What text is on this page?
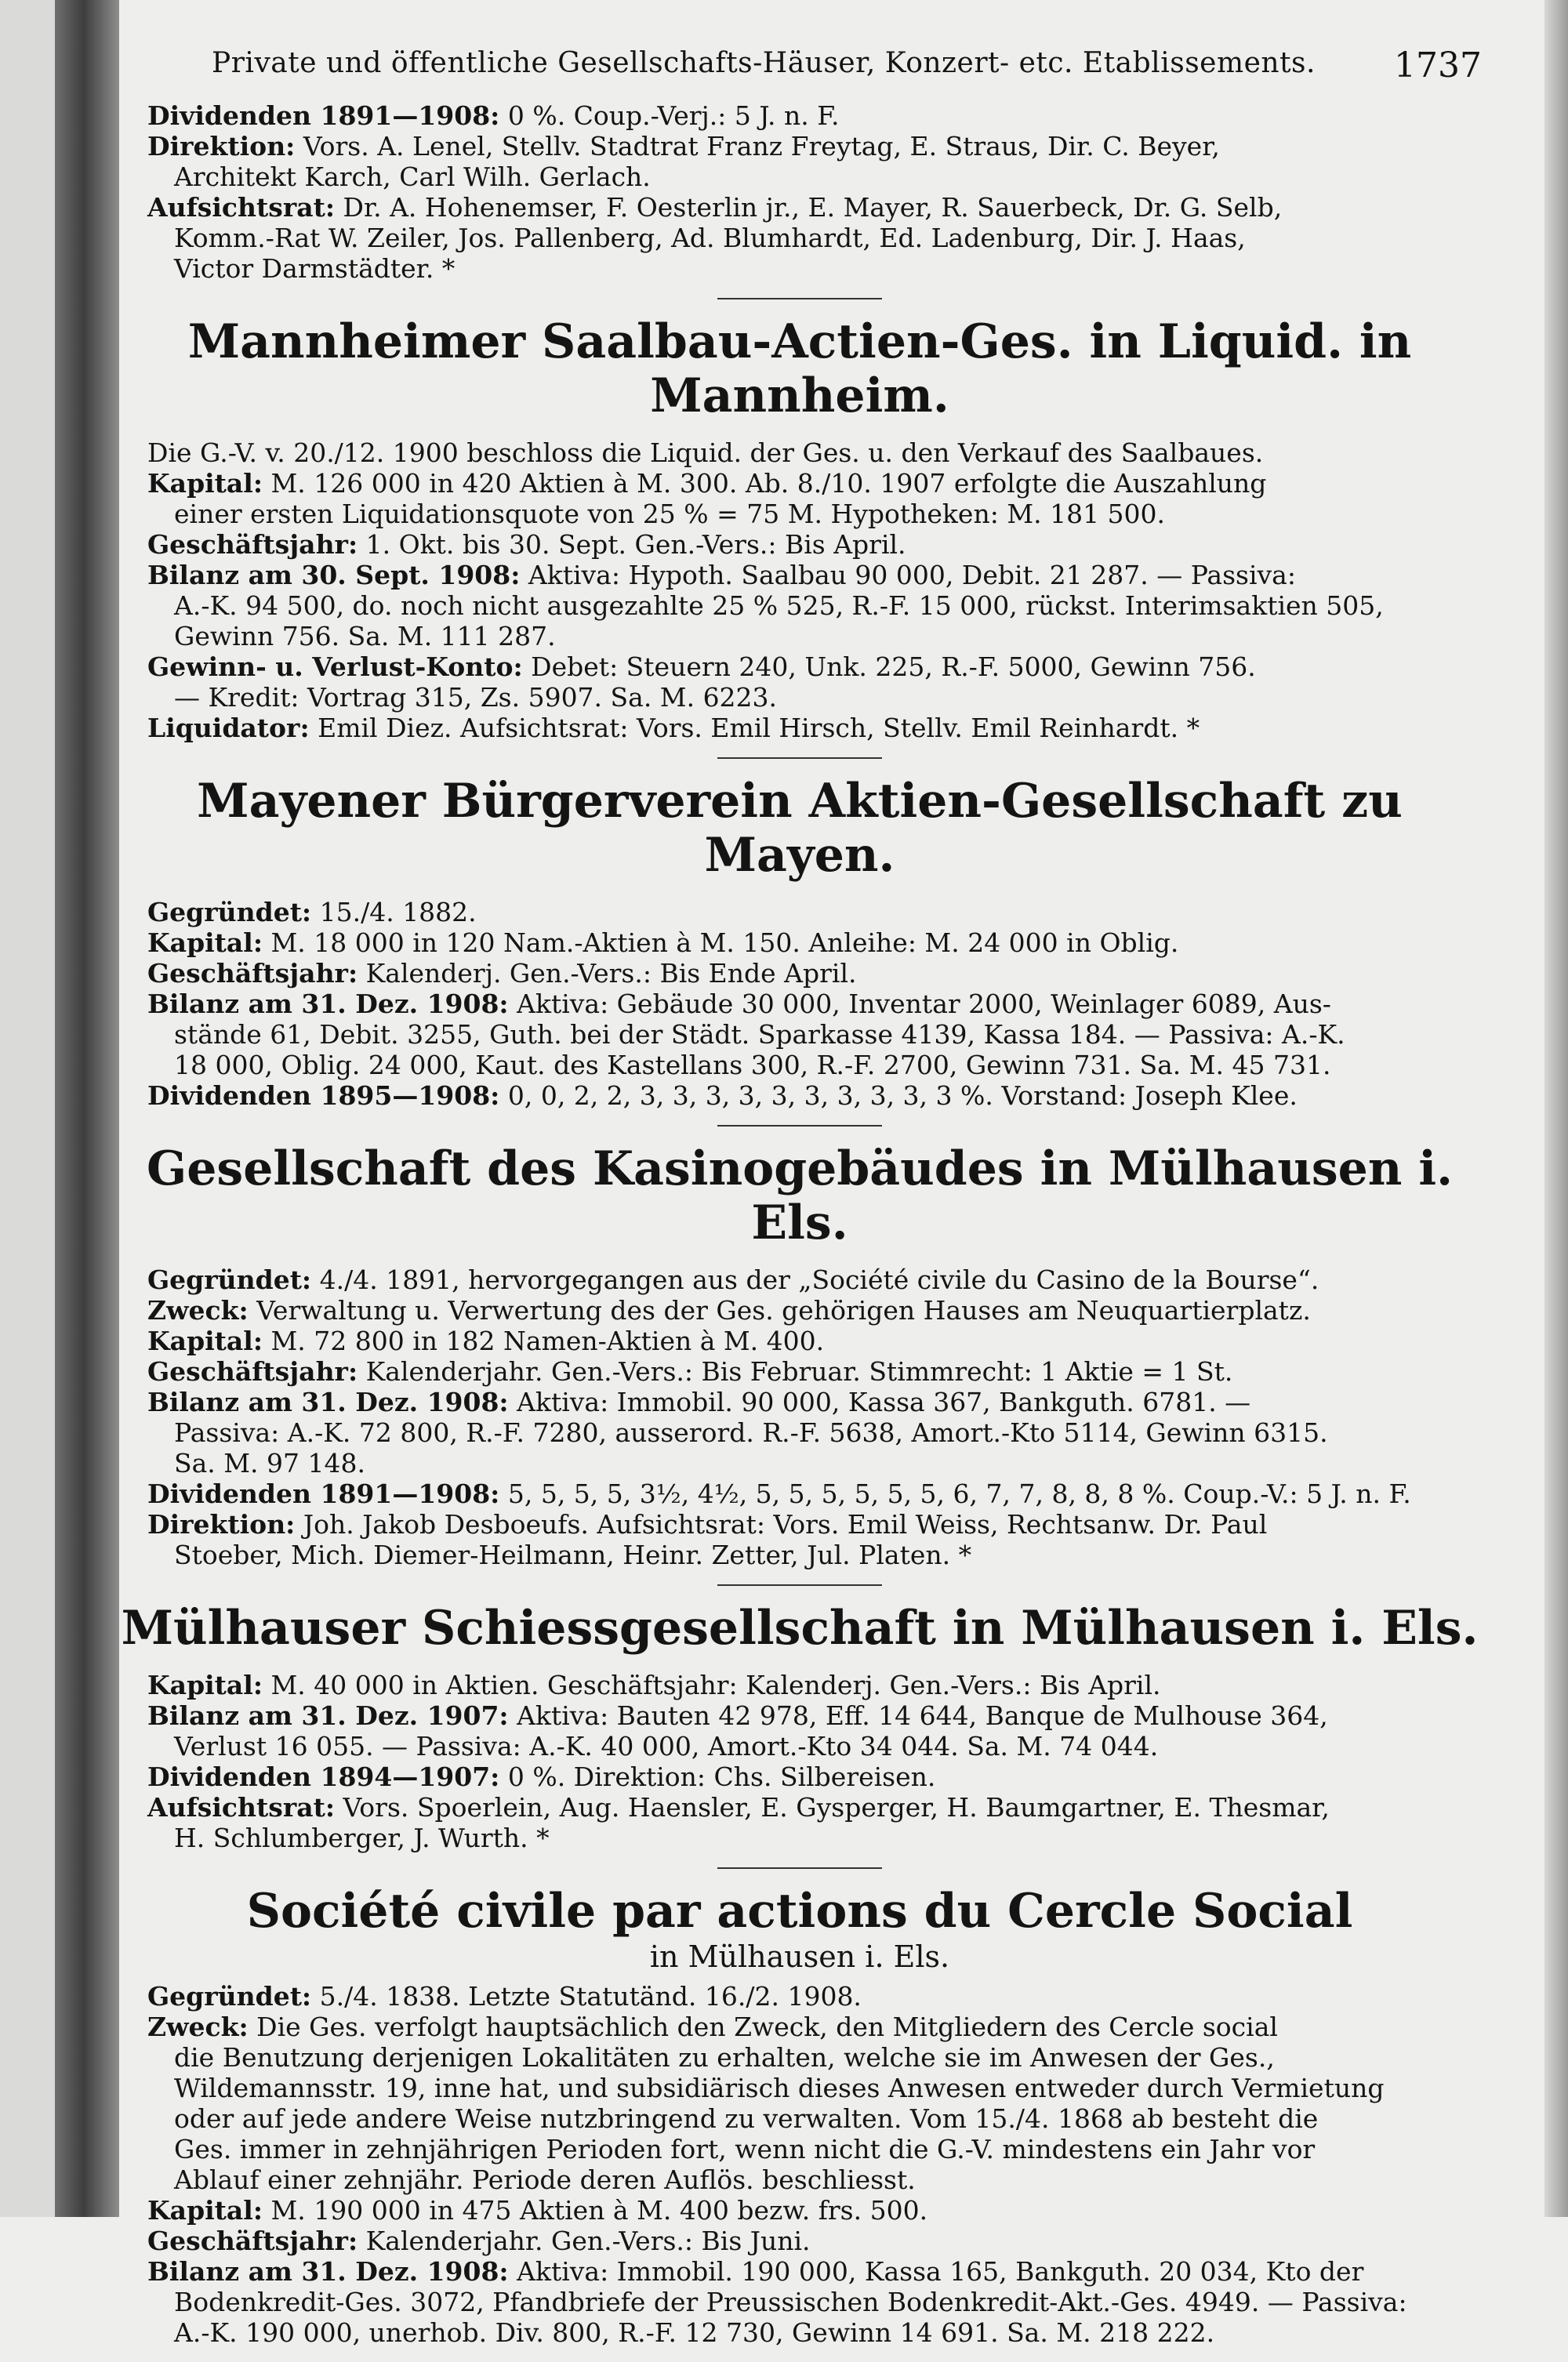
Private und öffentliche Gesellschafts-Häuser, Konzert- etc. Etablissements. 1737
Dividenden 1891—1908: 0 %. Coup.-Verj.: 5 J. n. F.
Direktion: Vors. A. Lenel, Stellv. Stadtrat Franz Freytag, E. Straus, Dir. C. Beyer,
Architekt Karch, Carl Wilh. Gerlach.
Aufsichtsrat: Dr. A. Hohenemser, F. Oesterlin jr., E. Mayer, R. Sauerbeck, Dr. G. Selb,
Komm.-Rat W. Zeiler, Jos. Pallenberg, Ad. Blumhardt, Ed. Ladenburg, Dir. J. Haas,
Victor Darmstädter. *
Mannheimer Saalbau-Actien-Ges. in Liquid. in Mannheim.
Die G.-V. v. 20./12. 1900 beschloss die Liquid. der Ges. u. den Verkauf des Saalbaues.
Kapital: M. 126 000 in 420 Aktien à M. 300. Ab. 8./10. 1907 erfolgte die Auszahlung
einer ersten Liquidationsquote von 25 % = 75 M. Hypotheken: M. 181 500.
Geschäftsjahr: 1. Okt. bis 30. Sept. Gen.-Vers.: Bis April.
Bilanz am 30. Sept. 1908: Aktiva: Hypoth. Saalbau 90 000, Debit. 21 287. — Passiva:
A.-K. 94 500, do. noch nicht ausgezahlte 25 % 525, R.-F. 15 000, rückst. Interimsaktien 505,
Gewinn 756. Sa. M. 111 287.
Gewinn- u. Verlust-Konto: Debet: Steuern 240, Unk. 225, R.-F. 5000, Gewinn 756.
— Kredit: Vortrag 315, Zs. 5907. Sa. M. 6223.
Liquidator: Emil Diez. Aufsichtsrat: Vors. Emil Hirsch, Stellv. Emil Reinhardt. *
Mayener Bürgerverein Aktien-Gesellschaft zu Mayen.
Gegründet: 15./4. 1882.
Kapital: M. 18 000 in 120 Nam.-Aktien à M. 150. Anleihe: M. 24 000 in Oblig.
Geschäftsjahr: Kalenderj. Gen.-Vers.: Bis Ende April.
Bilanz am 31. Dez. 1908: Aktiva: Gebäude 30 000, Inventar 2000, Weinlager 6089, Aus-
stände 61, Debit. 3255, Guth. bei der Städt. Sparkasse 4139, Kassa 184. — Passiva: A.-K.
18 000, Oblig. 24 000, Kaut. des Kastellans 300, R.-F. 2700, Gewinn 731. Sa. M. 45 731.
Dividenden 1895—1908: 0, 0, 2, 2, 3, 3, 3, 3, 3, 3, 3, 3, 3, 3 %. Vorstand: Joseph Klee.
Gesellschaft des Kasinogebäudes in Mülhausen i. Els.
Gegründet: 4./4. 1891, hervorgegangen aus der „Société civile du Casino de la Bourse“.
Zweck: Verwaltung u. Verwertung des der Ges. gehörigen Hauses am Neuquartierplatz.
Kapital: M. 72 800 in 182 Namen-Aktien à M. 400.
Geschäftsjahr: Kalenderjahr. Gen.-Vers.: Bis Februar. Stimmrecht: 1 Aktie = 1 St.
Bilanz am 31. Dez. 1908: Aktiva: Immobil. 90 000, Kassa 367, Bankguth. 6781. —
Passiva: A.-K. 72 800, R.-F. 7280, ausserord. R.-F. 5638, Amort.-Kto 5114, Gewinn 6315.
Sa. M. 97 148.
Dividenden 1891—1908: 5, 5, 5, 5, 3½, 4½, 5, 5, 5, 5, 5, 5, 6, 7, 7, 8, 8, 8 %. Coup.-V.: 5 J. n. F.
Direktion: Joh. Jakob Desboeufs. Aufsichtsrat: Vors. Emil Weiss, Rechtsanw. Dr. Paul
Stoeber, Mich. Diemer-Heilmann, Heinr. Zetter, Jul. Platen. *
Mülhauser Schiessgesellschaft in Mülhausen i. Els.
Kapital: M. 40 000 in Aktien. Geschäftsjahr: Kalenderj. Gen.-Vers.: Bis April.
Bilanz am 31. Dez. 1907: Aktiva: Bauten 42 978, Eff. 14 644, Banque de Mulhouse 364,
Verlust 16 055. — Passiva: A.-K. 40 000, Amort.-Kto 34 044. Sa. M. 74 044.
Dividenden 1894—1907: 0 %. Direktion: Chs. Silbereisen.
Aufsichtsrat: Vors. Spoerlein, Aug. Haensler, E. Gysperger, H. Baumgartner, E. Thesmar,
H. Schlumberger, J. Wurth. *
Société civile par actions du Cercle Social
in Mülhausen i. Els.
Gegründet: 5./4. 1838. Letzte Statutänd. 16./2. 1908.
Zweck: Die Ges. verfolgt hauptsächlich den Zweck, den Mitgliedern des Cercle social
die Benutzung derjenigen Lokalitäten zu erhalten, welche sie im Anwesen der Ges.,
Wildemannsstr. 19, inne hat, und subsidiärisch dieses Anwesen entweder durch Vermietung
oder auf jede andere Weise nutzbringend zu verwalten. Vom 15./4. 1868 ab besteht die
Ges. immer in zehnjährigen Perioden fort, wenn nicht die G.-V. mindestens ein Jahr vor
Ablauf einer zehnjähr. Periode deren Auflös. beschliesst.
Kapital: M. 190 000 in 475 Aktien à M. 400 bezw. frs. 500.
Geschäftsjahr: Kalenderjahr. Gen.-Vers.: Bis Juni.
Bilanz am 31. Dez. 1908: Aktiva: Immobil. 190 000, Kassa 165, Bankguth. 20 034, Kto der
Bodenkredit-Ges. 3072, Pfandbriefe der Preussischen Bodenkredit-Akt.-Ges. 4949. — Passiva:
A.-K. 190 000, unerhob. Div. 800, R.-F. 12 730, Gewinn 14 691. Sa. M. 218 222.
